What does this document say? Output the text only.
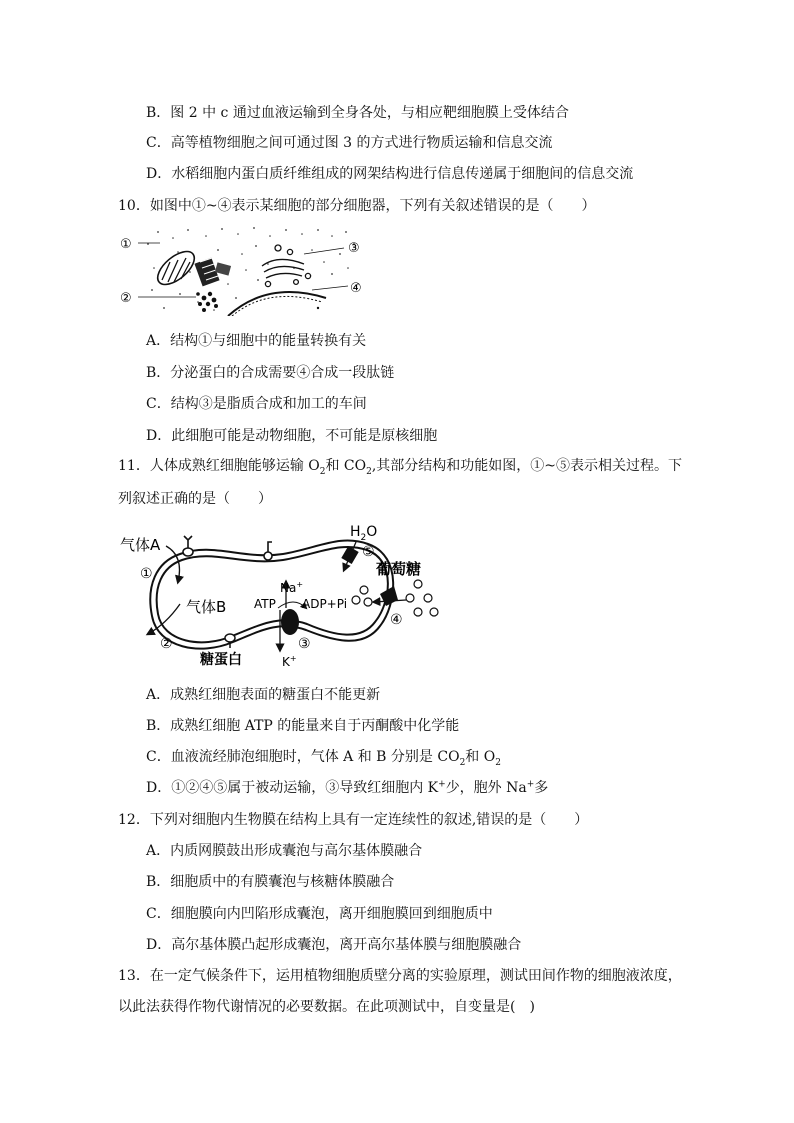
B．图 2 中 c 通过血液运输到全身各处，与相应靶细胞膜上受体结合
C．高等植物细胞之间可通过图 3 的方式进行物质运输和信息交流
D．水稻细胞内蛋白质纤维组成的网架结构进行信息传递属于细胞间的信息交流
10．如图中①~④表示某细胞的部分细胞器，下列有关叙述错误的是（　　）
①
②
③
④
A．结构①与细胞中的能量转换有关
B．分泌蛋白的合成需要④合成一段肽链
C．结构③是脂质合成和加工的车间
D．此细胞可能是动物细胞，不可能是原核细胞
11．人体成熟红细胞能够运输 $O_2$和 $CO_2$,其部分结构和功能如图，①~⑤表示相关过程。下
列叙述正确的是（　　）
气体A
①
气体B
②
糖蛋白
Na+
ATP ADP+Pi
③
K+
$H_2O$
⑤
葡萄糖
④
A．成熟红细胞表面的糖蛋白不能更新
B．成熟红细胞 ATP 的能量来自于丙酮酸中化学能
C．血液流经肺泡细胞时，气体 A 和 B 分别是 $CO_2$和 $O_2$
D．①②④⑤属于被动运输，③导致红细胞内 K+少，胞外 Na+多
12．下列对细胞内生物膜在结构上具有一定连续性的叙述,错误的是（　　）
A．内质网膜鼓出形成囊泡与高尔基体膜融合
B．细胞质中的有膜囊泡与核糖体膜融合
C．细胞膜向内凹陷形成囊泡，离开细胞膜回到细胞质中
D．高尔基体膜凸起形成囊泡，离开高尔基体膜与细胞膜融合
13．在一定气候条件下，运用植物细胞质壁分离的实验原理，测试田间作物的细胞液浓度，
以此法获得作物代谢情况的必要数据。在此项测试中，自变量是(　)
